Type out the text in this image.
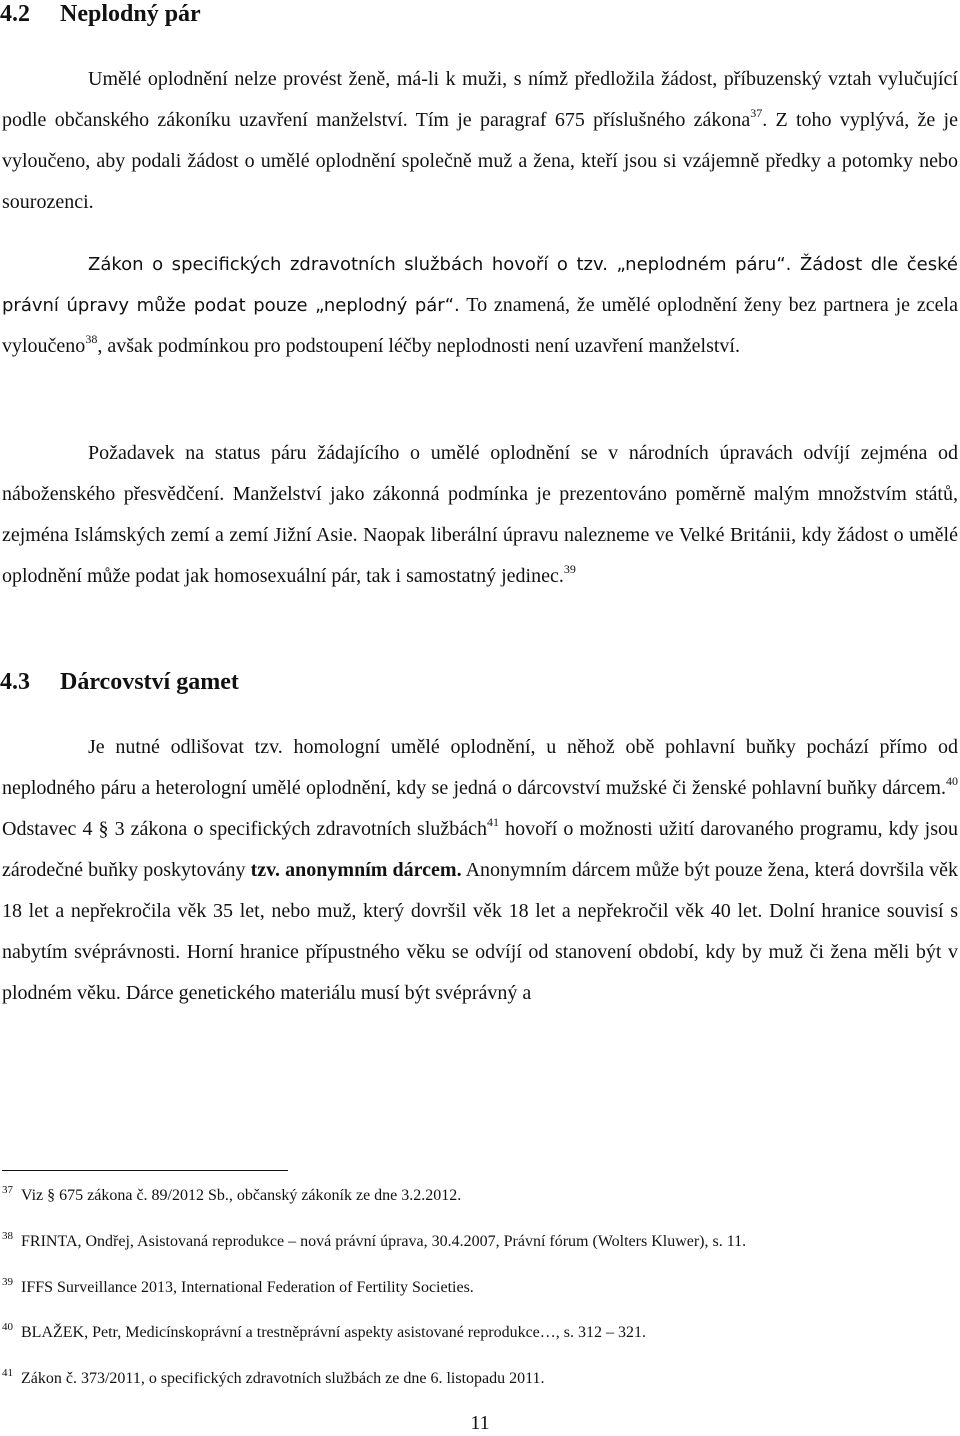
4.2 Neplodný pár

Umělé oplodnění nelze provést ženě, má-li k muži, s nímž předložila žádost, příbuzenský vztah vylučující podle občanského zákoníku uzavření manželství. Tím je paragraf 675 příslušného zákona$^{37}$. Z toho vyplývá, že je vyloučeno, aby podali žádost o umělé oplodnění společně muž a žena, kteří jsou si vzájemně předky a potomky nebo sourozenci.

Zákon o specifických zdravotních službách hovoří o tzv. „neplodném páru“. Žádost dle české právní úpravy může podat pouze „neplodný pár“. To znamená, že umělé oplodnění ženy bez partnera je zcela vyloučeno$^{38}$, avšak podmínkou pro podstoupení léčby neplodnosti není uzavření manželství.

Požadavek na status páru žádajícího o umělé oplodnění se v národních úpravách odvíjí zejména od náboženského přesvědčení. Manželství jako zákonná podmínka je prezentováno poměrně malým množstvím států, zejména Islámských zemí a zemí Jižní Asie. Naopak liberální úpravu nalezneme ve Velké Británii, kdy žádost o umělé oplodnění může podat jak homosexuální pár, tak i samostatný jedinec.$^{39}$

4.3 Dárcovství gamet

Je nutné odlišovat tzv. homologní umělé oplodnění, u něhož obě pohlavní buňky pochází přímo od neplodného páru a heterologní umělé oplodnění, kdy se jedná o dárcovství mužské či ženské pohlavní buňky dárcem.$^{40}$ Odstavec 4 § 3 zákona o specifických zdravotních službách$^{41}$ hovoří o možnosti užití darovaného programu, kdy jsou zárodečné buňky poskytovány tzv. anonymním dárcem. Anonymním dárcem může být pouze žena, která dovršila věk 18 let a nepřekročila věk 35 let, nebo muž, který dovršil věk 18 let a nepřekročil věk 40 let. Dolní hranice souvisí s nabytím svéprávnosti. Horní hranice přípustného věku se odvíjí od stanovení období, kdy by muž či žena měli být v plodném věku. Dárce genetického materiálu musí být svéprávný a

$^{37}$ Viz § 675 zákona č. 89/2012 Sb., občanský zákoník ze dne 3.2.2012.

$^{38}$ FRINTA, Ondřej, Asistovaná reprodukce – nová právní úprava, 30.4.2007, Právní fórum (Wolters Kluwer), s. 11.

$^{39}$ IFFS Surveillance 2013, International Federation of Fertility Societies.

$^{40}$ BLAŽEK, Petr, Medicínskoprávní a trestněprávní aspekty asistované reprodukce…, s. 312 – 321.

$^{41}$ Zákon č. 373/2011, o specifických zdravotních službách ze dne 6. listopadu 2011.

11
